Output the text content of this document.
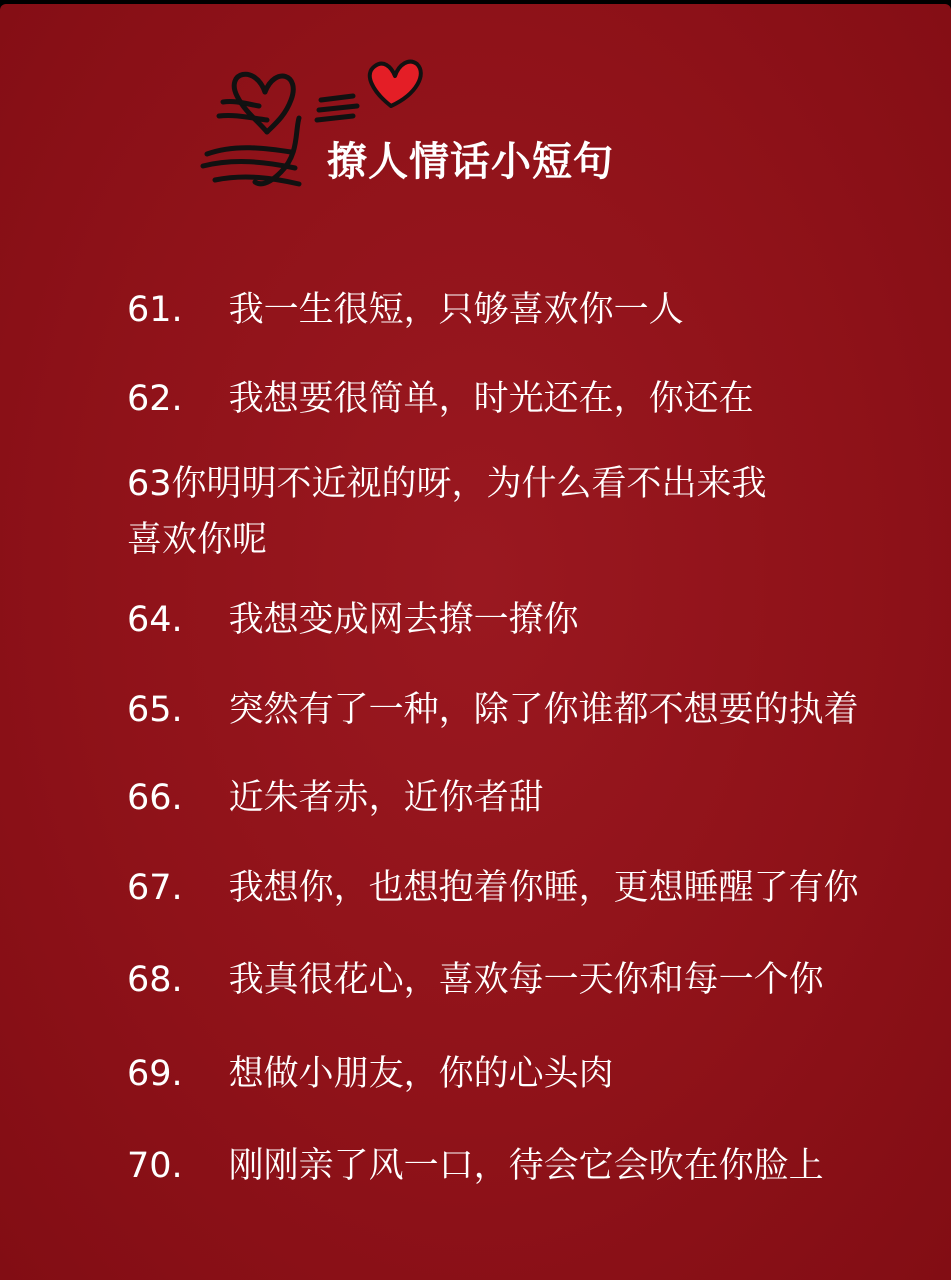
撩人情话小短句
61. 我一生很短，只够喜欢你一人
62. 我想要很简单，时光还在，你还在
63你明明不近视的呀，为什么看不出来我
喜欢你呢
64. 我想变成网去撩一撩你
65. 突然有了一种，除了你谁都不想要的执着
66. 近朱者赤，近你者甜
67. 我想你，也想抱着你睡，更想睡醒了有你
68. 我真很花心，喜欢每一天你和每一个你
69. 想做小朋友，你的心头肉
70. 刚刚亲了风一口，待会它会吹在你脸上
